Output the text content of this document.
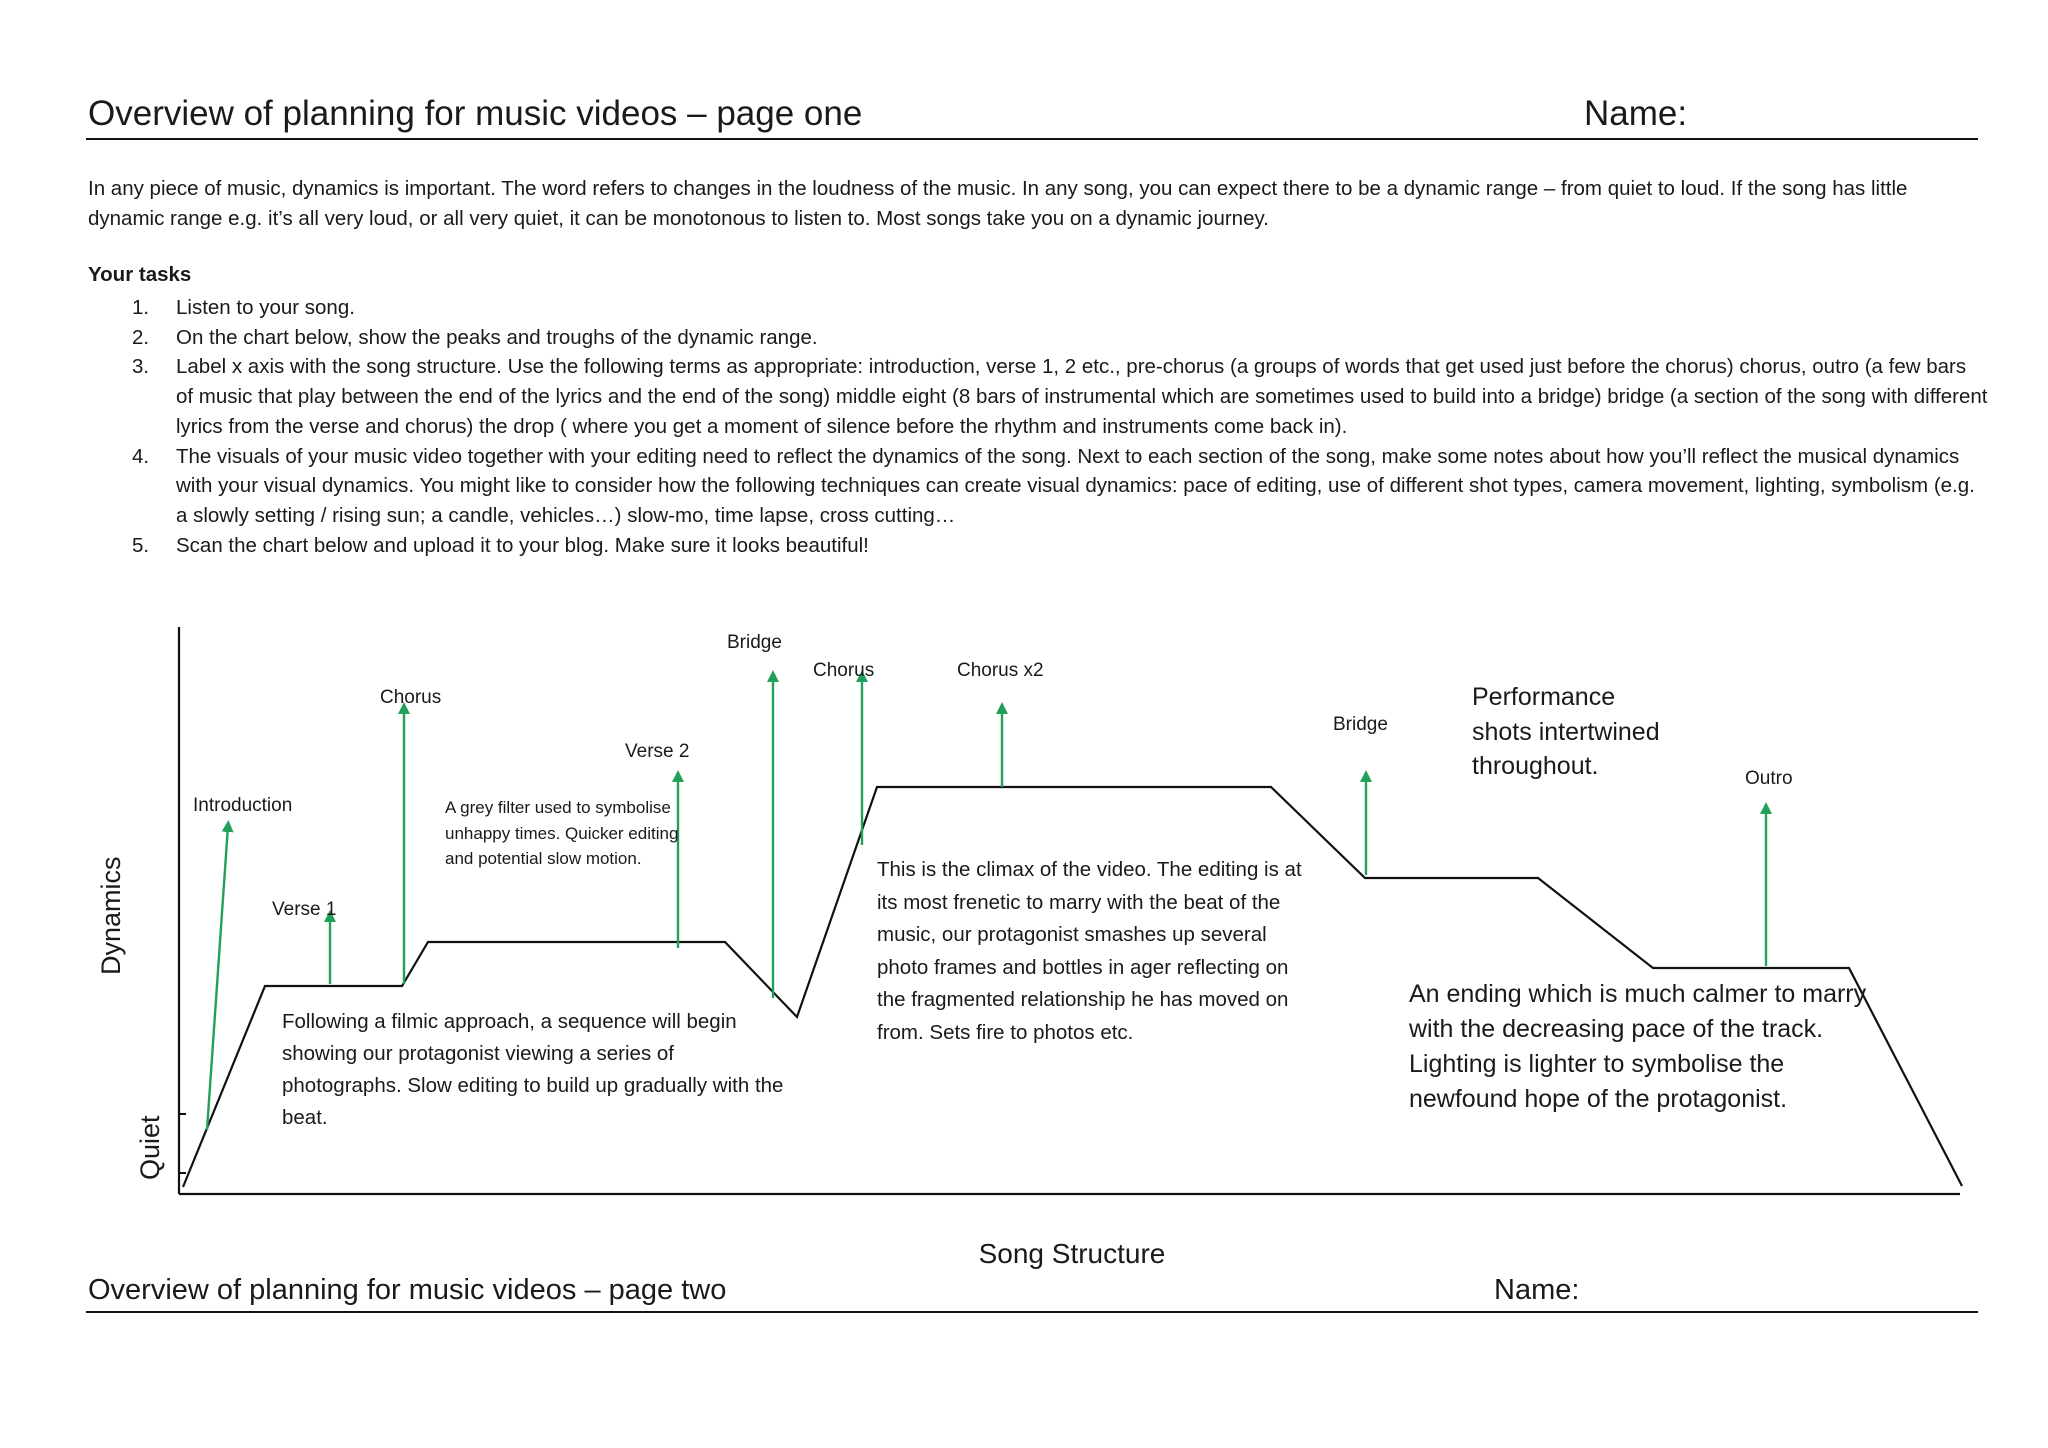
Overview of planning for music videos – page one	Name:

In any piece of music, dynamics is important. The word refers to changes in the loudness of the music. In any song, you can expect there to be a dynamic range – from quiet to loud. If the song has little dynamic range e.g. it’s all very loud, or all very quiet, it can be monotonous to listen to. Most songs take you on a dynamic journey.

Your tasks
1. Listen to your song.
2. On the chart below, show the peaks and troughs of the dynamic range.
3. Label x axis with the song structure. Use the following terms as appropriate: introduction, verse 1, 2 etc., pre-chorus (a groups of words that get used just before the chorus) chorus, outro (a few bars of music that play between the end of the lyrics and the end of the song) middle eight (8 bars of instrumental which are sometimes used to build into a bridge) bridge (a section of the song with different lyrics from the verse and chorus) the drop ( where you get a moment of silence before the rhythm and instruments come back in).
4. The visuals of your music video together with your editing need to reflect the dynamics of the song. Next to each section of the song, make some notes about how you’ll reflect the musical dynamics with your visual dynamics. You might like to consider how the following techniques can create visual dynamics: pace of editing, use of different shot types, camera movement, lighting, symbolism (e.g. a slowly setting / rising sun; a candle, vehicles…) slow-mo, time lapse, cross cutting…
5. Scan the chart below and upload it to your blog. Make sure it looks beautiful!
Introduction
Verse 1
Chorus
Verse 2
Bridge
Chorus	Chorus x2
Bridge
Outro
Dynamics
Quiet
Song Structure
A grey filter used to symbolise unhappy times. Quicker editing and potential slow motion.
Following a filmic approach, a sequence will begin showing our protagonist viewing a series of photographs. Slow editing to build up gradually with the beat.
This is the climax of the video. The editing is at its most frenetic to marry with the beat of the music, our protagonist smashes up several photo frames and bottles in ager reflecting on the fragmented relationship he has moved on from. Sets fire to photos etc.
Performance shots intertwined throughout.
An ending which is much calmer to marry with the decreasing pace of the track. Lighting is lighter to symbolise the newfound hope of the protagonist.
Overview of planning for music videos – page two	Name:
